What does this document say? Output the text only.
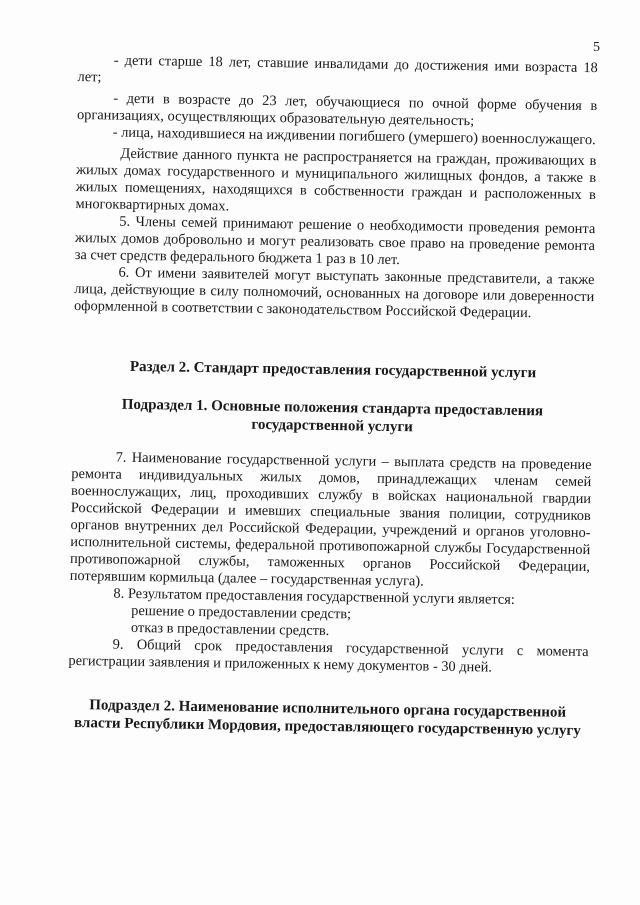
5

- дети старше 18 лет, ставшие инвалидами до достижения ими возраста 18 лет;

- дети в возрасте до 23 лет, обучающиеся по очной форме обучения в организациях, осуществляющих образовательную деятельность;

- лица, находившиеся на иждивении погибшего (умершего) военнослужащего.

Действие данного пункта не распространяется на граждан, проживающих в жилых домах государственного и муниципального жилищных фондов, а также в жилых помещениях, находящихся в собственности граждан и расположенных в многоквартирных домах.

5. Члены семей принимают решение о необходимости проведения ремонта жилых домов добровольно и могут реализовать свое право на проведение ремонта за счет средств федерального бюджета 1 раз в 10 лет.

6. От имени заявителей могут выступать законные представители, а также лица, действующие в силу полномочий, основанных на договоре или доверенности оформленной в соответствии с законодательством Российской Федерации.

Раздел 2. Стандарт предоставления государственной услуги

Подраздел 1. Основные положения стандарта предоставления государственной услуги

7. Наименование государственной услуги – выплата средств на проведение ремонта индивидуальных жилых домов, принадлежащих членам семей военнослужащих, лиц, проходивших службу в войсках национальной гвардии Российской Федерации и имевших специальные звания полиции, сотрудников органов внутренних дел Российской Федерации, учреждений и органов уголовно-исполнительной системы, федеральной противопожарной службы Государственной противопожарной службы, таможенных органов Российской Федерации, потерявшим кормильца (далее – государственная услуга).

8. Результатом предоставления государственной услуги является:

решение о предоставлении средств;

отказ в предоставлении средств.

9. Общий срок предоставления государственной услуги с момента регистрации заявления и приложенных к нему документов - 30 дней.

Подраздел 2. Наименование исполнительного органа государственной власти Республики Мордовия, предоставляющего государственную услугу
